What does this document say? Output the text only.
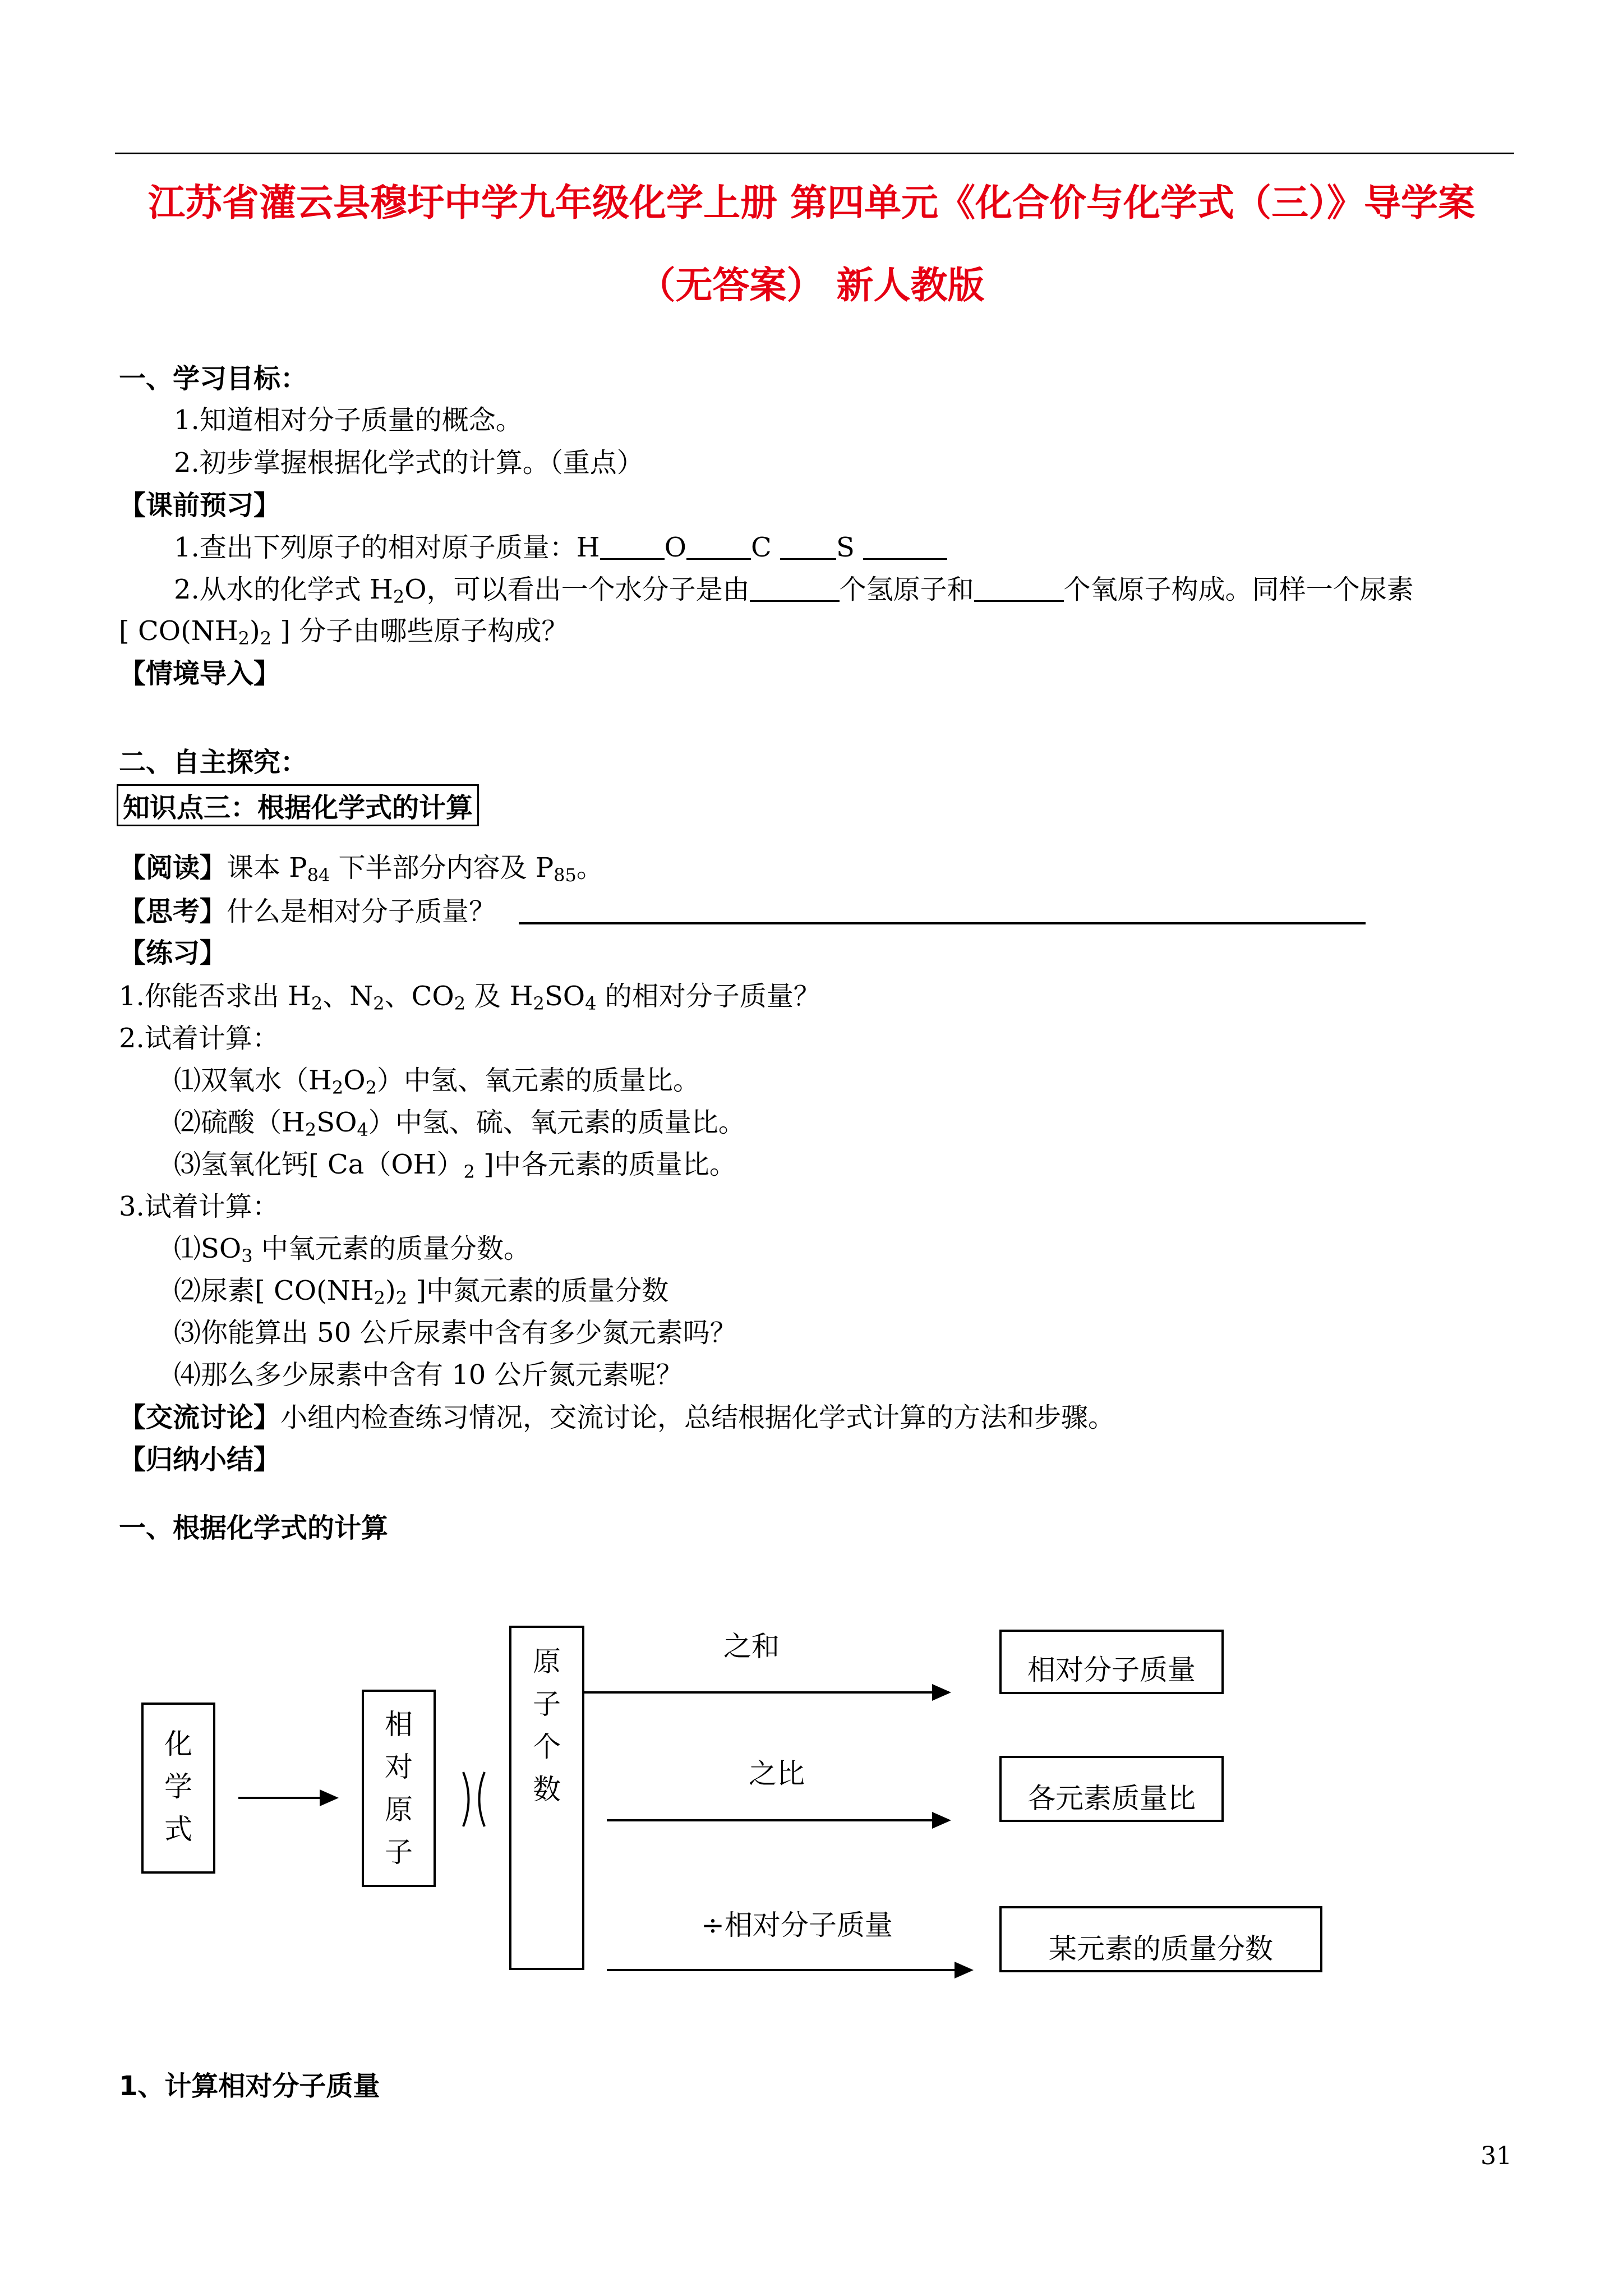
江苏省灌云县穆圩中学九年级化学上册 第四单元《化合价与化学式（三）》导学案
（无答案） 新人教版
一、学习目标：
1.知道相对分子质量的概念。
2.初步掌握根据化学式的计算。（重点）
【课前预习】
1.查出下列原子的相对原子质量：H O C S
2.从水的化学式 $H_2O$，可以看出一个水分子是由	个氢原子和	个氧原子构成。同样一个尿素
[ $CO(NH_2)_2$ ] 分子由哪些原子构成？
【情境导入】
二、自主探究：
知识点三：根据化学式的计算
【阅读】课本 $P_{84}$ 下半部分内容及 $P_{85}$。
【思考】什么是相对分子质量？
【练习】
1.你能否求出 $H_2$、$N_2$、$CO_2$ 及 $H_2SO_4$ 的相对分子质量？
2.试着计算：
⑴双氧水$(H_2O_2)$中氢、氧元素的质量比。
⑵硫酸$(H_2SO_4)$中氢、硫、氧元素的质量比。
⑶氢氧化钙[ $Ca(OH)_2$ ]中各元素的质量比。
3.试着计算：
$⑴SO_3$ 中氧元素的质量分数。
⑵尿素[ $CO(NH_2)_2$ ]中氮元素的质量分数
⑶你能算出 50 公斤尿素中含有多少氮元素吗？
⑷那么多少尿素中含有 10 公斤氮元素呢？
【交流讨论】小组内检查练习情况，交流讨论，总结根据化学式计算的方法和步骤。
【归纳小结】
一、根据化学式的计算
化
学
式
相
对
原
子
原
子
个
数
之和
之比
÷相对分子质量
相对分子质量
各元素质量比
某元素的质量分数
1、计算相对分子质量
31
